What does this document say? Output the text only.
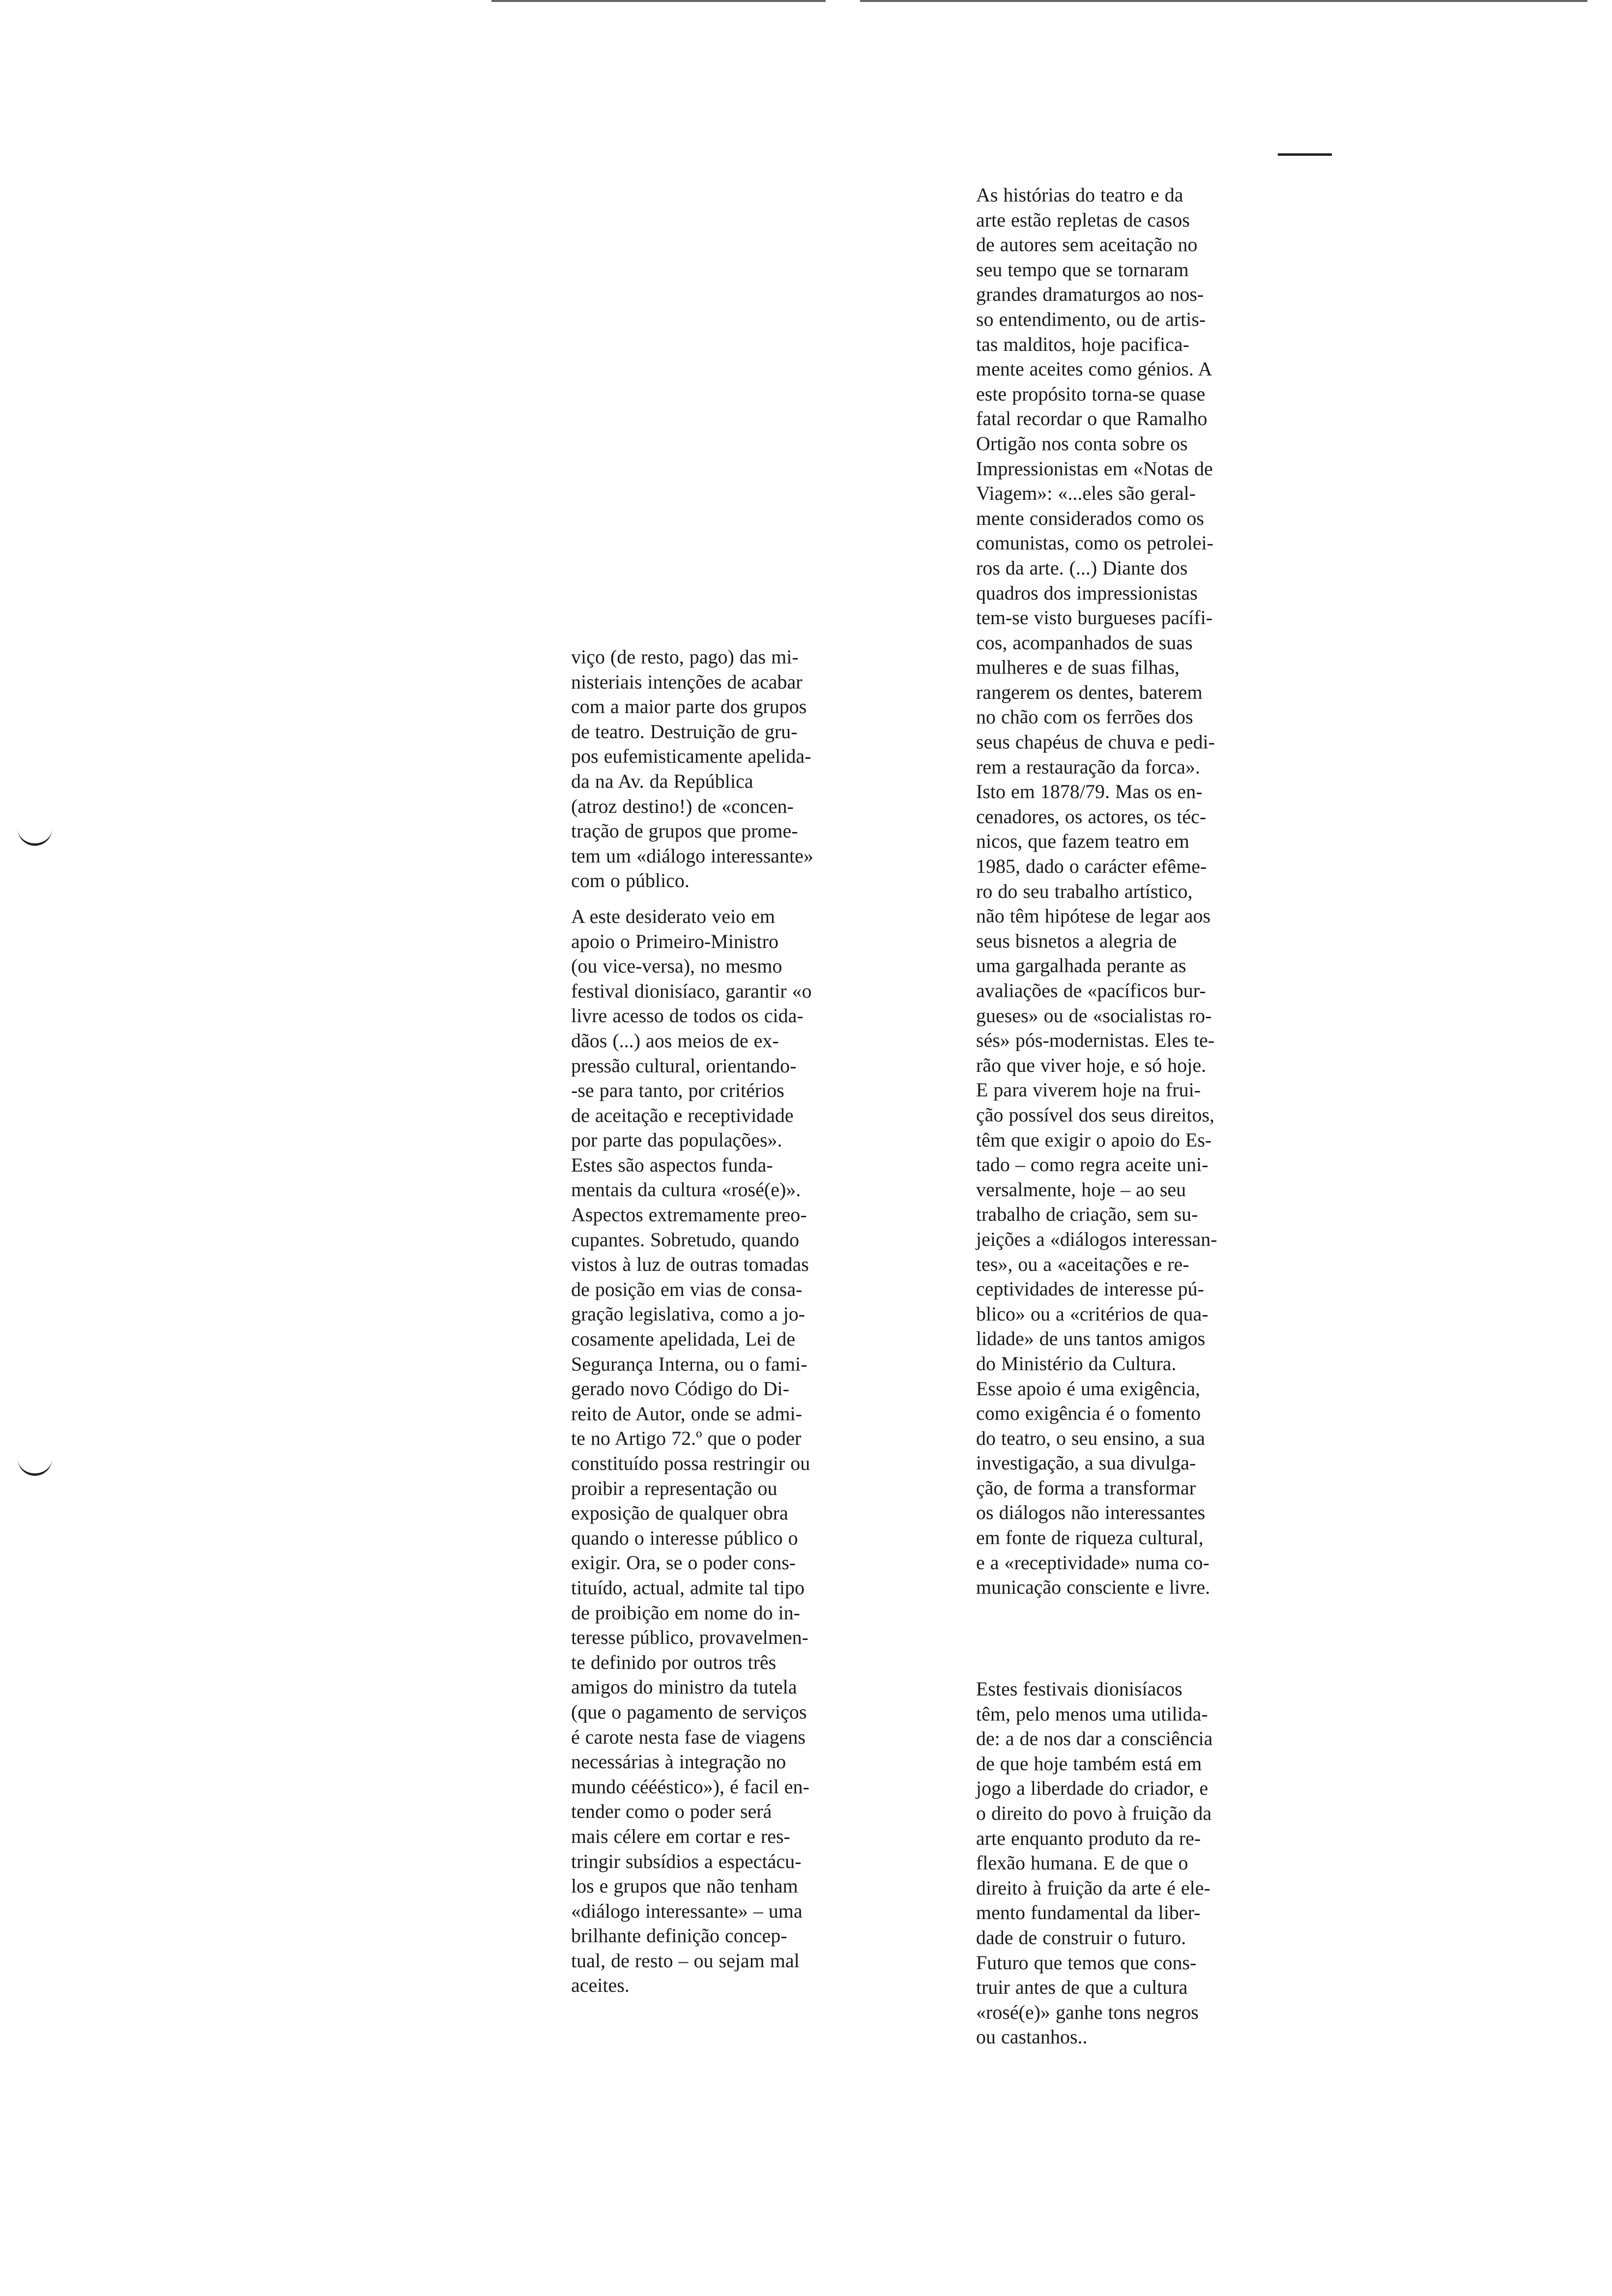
viço (de resto, pago) das mi-

nisteriais intenções de acabar

com a maior parte dos grupos

de teatro. Destruição de gru-

pos eufemisticamente apelida-

da na Av. da República

(atroz destino!) de «concen-

tração de grupos que prome-

tem um «diálogo interessante»

com o público.

A este desiderato veio em

apoio o Primeiro-Ministro

(ou vice-versa), no mesmo

festival dionisíaco, garantir «o

livre acesso de todos os cida-

dãos (...) aos meios de ex-

pressão cultural, orientando-

-se para tanto, por critérios

de aceitação e receptividade

por parte das populações».

Estes são aspectos funda-

mentais da cultura «rosé(e)».

Aspectos extremamente preo-

cupantes. Sobretudo, quando

vistos à luz de outras tomadas

de posição em vias de consa-

gração legislativa, como a jo-

cosamente apelidada, Lei de

Segurança Interna, ou o fami-

gerado novo Código do Di-

reito de Autor, onde se admi-

te no Artigo 72.º que o poder

constituído possa restringir ou

proibir a representação ou

exposição de qualquer obra

quando o interesse público o

exigir. Ora, se o poder cons-

tituído, actual, admite tal tipo

de proibição em nome do in-

teresse público, provavelmen-

te definido por outros três

amigos do ministro da tutela

(que o pagamento de serviços

é carote nesta fase de viagens

necessárias à integração no

mundo cééésticο»), é facil en-

tender como o poder será

mais célere em cortar e res-

tringir subsídios a espectácu-

los e grupos que não tenham

«diálogo interessante» – uma

brilhante definição concep-

tual, de resto – ou sejam mal

aceites.

As histórias do teatro e da

arte estão repletas de casos

de autores sem aceitação no

seu tempo que se tornaram

grandes dramaturgos ao nos-

so entendimento, ou de artis-

tas malditos, hoje pacifica-

mente aceites como génios. A

este propósito torna-se quase

fatal recordar o que Ramalho

Ortigão nos conta sobre os

Impressionistas em «Notas de

Viagem»: «...eles são geral-

mente considerados como os

comunistas, como os petrolei-

ros da arte. (...) Diante dos

quadros dos impressionistas

tem-se visto burgueses pacífi-

cos, acompanhados de suas

mulheres e de suas filhas,

rangerem os dentes, baterem

no chão com os ferrões dos

seus chapéus de chuva e pedi-

rem a restauração da forca».

Isto em 1878/79. Mas os en-

cenadores, os actores, os téc-

nicos, que fazem teatro em

1985, dado o carácter efême-

ro do seu trabalho artístico,

não têm hipótese de legar aos

seus bisnetos a alegria de

uma gargalhada perante as

avaliações de «pacíficos bur-

gueses» ou de «socialistas ro-

sés» pós-modernistas. Eles te-

rão que viver hoje, e só hoje.

E para viverem hoje na frui-

ção possível dos seus direitos,

têm que exigir o apoio do Es-

tado – como regra aceite uni-

versalmente, hoje – ao seu

trabalho de criação, sem su-

jeições a «diálogos interessan-

tes», ou a «aceitações e re-

ceptividades de interesse pú-

blico» ou a «critérios de qua-

lidade» de uns tantos amigos

do Ministério da Cultura.

Esse apoio é uma exigência,

como exigência é o fomento

do teatro, o seu ensino, a sua

investigação, a sua divulga-

ção, de forma a transformar

os diálogos não interessantes

em fonte de riqueza cultural,

e a «receptividade» numa co-

municação consciente e livre.

Estes festivais dionisíacos

têm, pelo menos uma utilida-

de: a de nos dar a consciência

de que hoje também está em

jogo a liberdade do criador, e

o direito do povo à fruição da

arte enquanto produto da re-

flexão humana. E de que o

direito à fruição da arte é ele-

mento fundamental da liber-

dade de construir o futuro.

Futuro que temos que cons-

truir antes de que a cultura

«rosé(e)» ganhe tons negros

ou castanhos..
